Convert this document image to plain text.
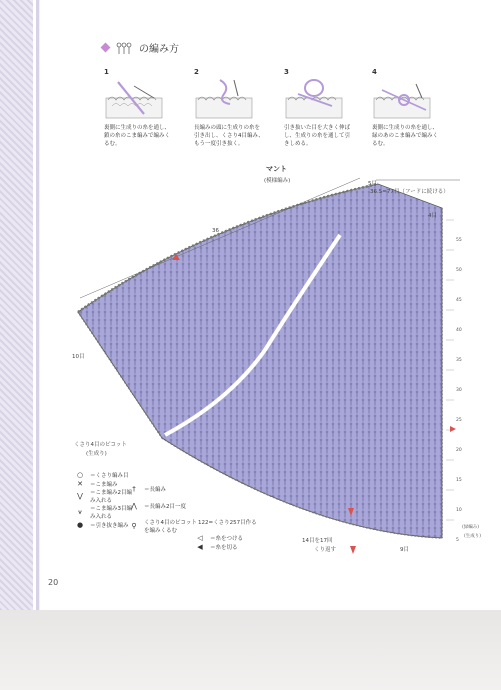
の編み方
1
裏側に生成りの糸を通し、鎖の糸のこま編みで編みくるむ。
2
長編みの頭に生成りの糸を引き出し、くさり4目編み、もう一度引き抜く。
3
引き抜いた目を大きく伸ばし、生成りの糸を通して引きしめる。
4
裏側に生成りの糸を通し、緑のあのこま編みで編みくるむ。
マント
(模様編み)
36
36.5=77目（フードに続ける）
5目
4目
10目
くさり4目のピコット
(生成り)
122=くさり257目作る
14目を17回
くり返す	9目
(緑編み)
(生成り)
55
50
45
40
35
30
25
20
15
10
5
○	＝くさり編み目
✕	＝こま編み
⋁	＝こま編み2目編み入れる
⩛	＝こま編み3目編み入れる
●	＝引き抜き編み
†	＝長編み
⋀	＝長編み2目一度
⚲	くさり4目のピコットを編みくるむ
◁	＝糸をつける
◀	＝糸を切る
20
